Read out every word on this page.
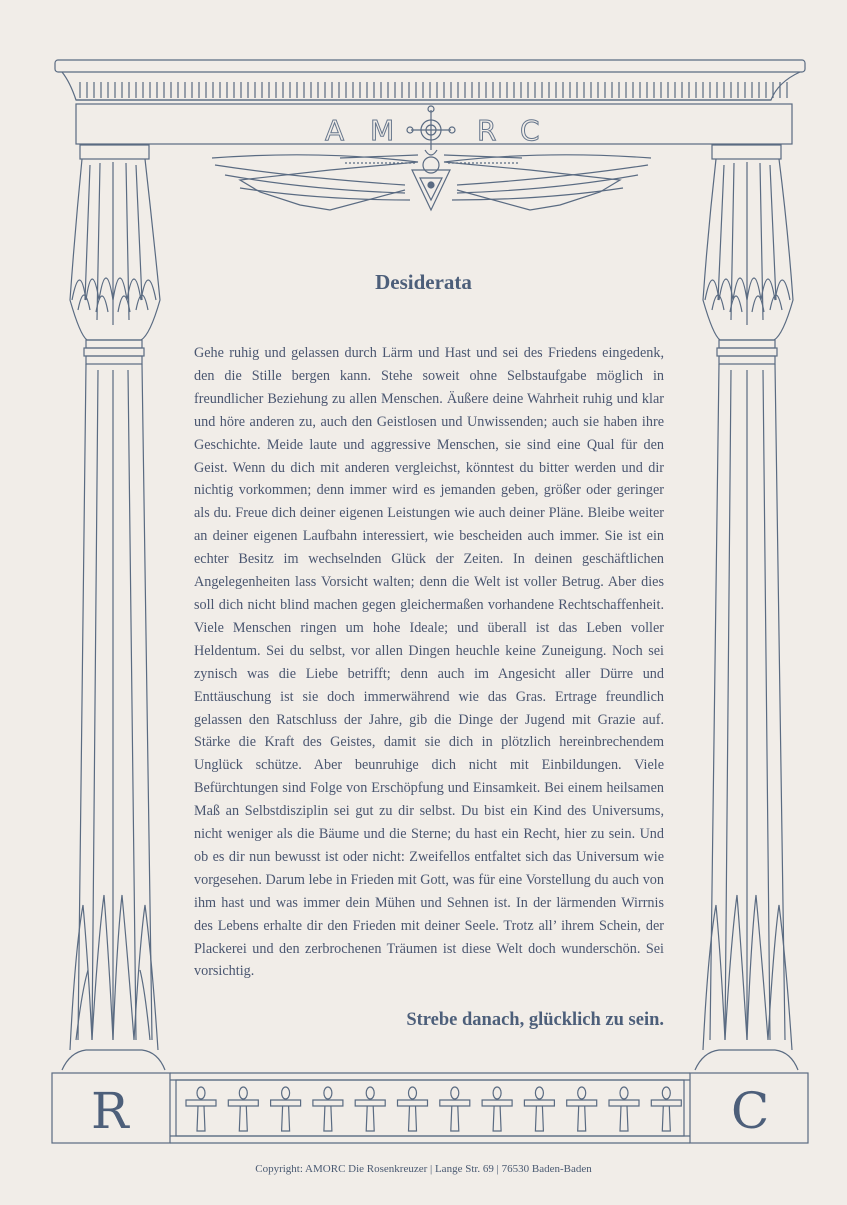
A M	R C
R	C
Desiderata

Gehe ruhig und gelassen durch Lärm und Hast und sei des Friedens eingedenk, den die Stille bergen kann. Stehe soweit ohne Selbstaufgabe möglich in freundlicher Beziehung zu allen Menschen. Äußere deine Wahrheit ruhig und klar und höre anderen zu, auch den Geistlosen und Unwissenden; auch sie haben ihre Geschichte. Meide laute und aggressive Menschen, sie sind eine Qual für den Geist. Wenn du dich mit anderen vergleichst, könntest du bitter werden und dir nichtig vorkommen; denn immer wird es jemanden geben, größer oder geringer als du. Freue dich deiner eigenen Leistungen wie auch deiner Pläne. Bleibe weiter an deiner eigenen Laufbahn interessiert, wie bescheiden auch immer. Sie ist ein echter Besitz im wechselnden Glück der Zeiten. In deinen geschäftlichen Angelegenheiten lass Vorsicht walten; denn die Welt ist voller Betrug. Aber dies soll dich nicht blind machen gegen gleichermaßen vorhandene Rechtschaffenheit. Viele Menschen ringen um hohe Ideale; und überall ist das Leben voller Heldentum. Sei du selbst, vor allen Dingen heuchle keine Zuneigung. Noch sei zynisch was die Liebe betrifft; denn auch im Angesicht aller Dürre und Enttäuschung ist sie doch immerwährend wie das Gras. Ertrage freundlich gelassen den Ratschluss der Jahre, gib die Dinge der Jugend mit Grazie auf. Stärke die Kraft des Geistes, damit sie dich in plötzlich hereinbrechendem Unglück schütze. Aber beunruhige dich nicht mit Einbildungen. Viele Befürchtungen sind Folge von Erschöpfung und Einsamkeit. Bei einem heilsamen Maß an Selbstdisziplin sei gut zu dir selbst. Du bist ein Kind des Universums, nicht weniger als die Bäume und die Sterne; du hast ein Recht, hier zu sein. Und ob es dir nun bewusst ist oder nicht: Zweifellos entfaltet sich das Universum wie vorgesehen. Darum lebe in Frieden mit Gott, was für eine Vorstellung du auch von ihm hast und was immer dein Mühen und Sehnen ist. In der lärmenden Wirrnis des Lebens erhalte dir den Frieden mit deiner Seele. Trotz all’ ihrem Schein, der Plackerei und den zerbrochenen Träumen ist diese Welt doch wunderschön. Sei vorsichtig.

Strebe danach, glücklich zu sein.

Copyright: AMORC Die Rosenkreuzer | Lange Str. 69 | 76530 Baden-Baden
